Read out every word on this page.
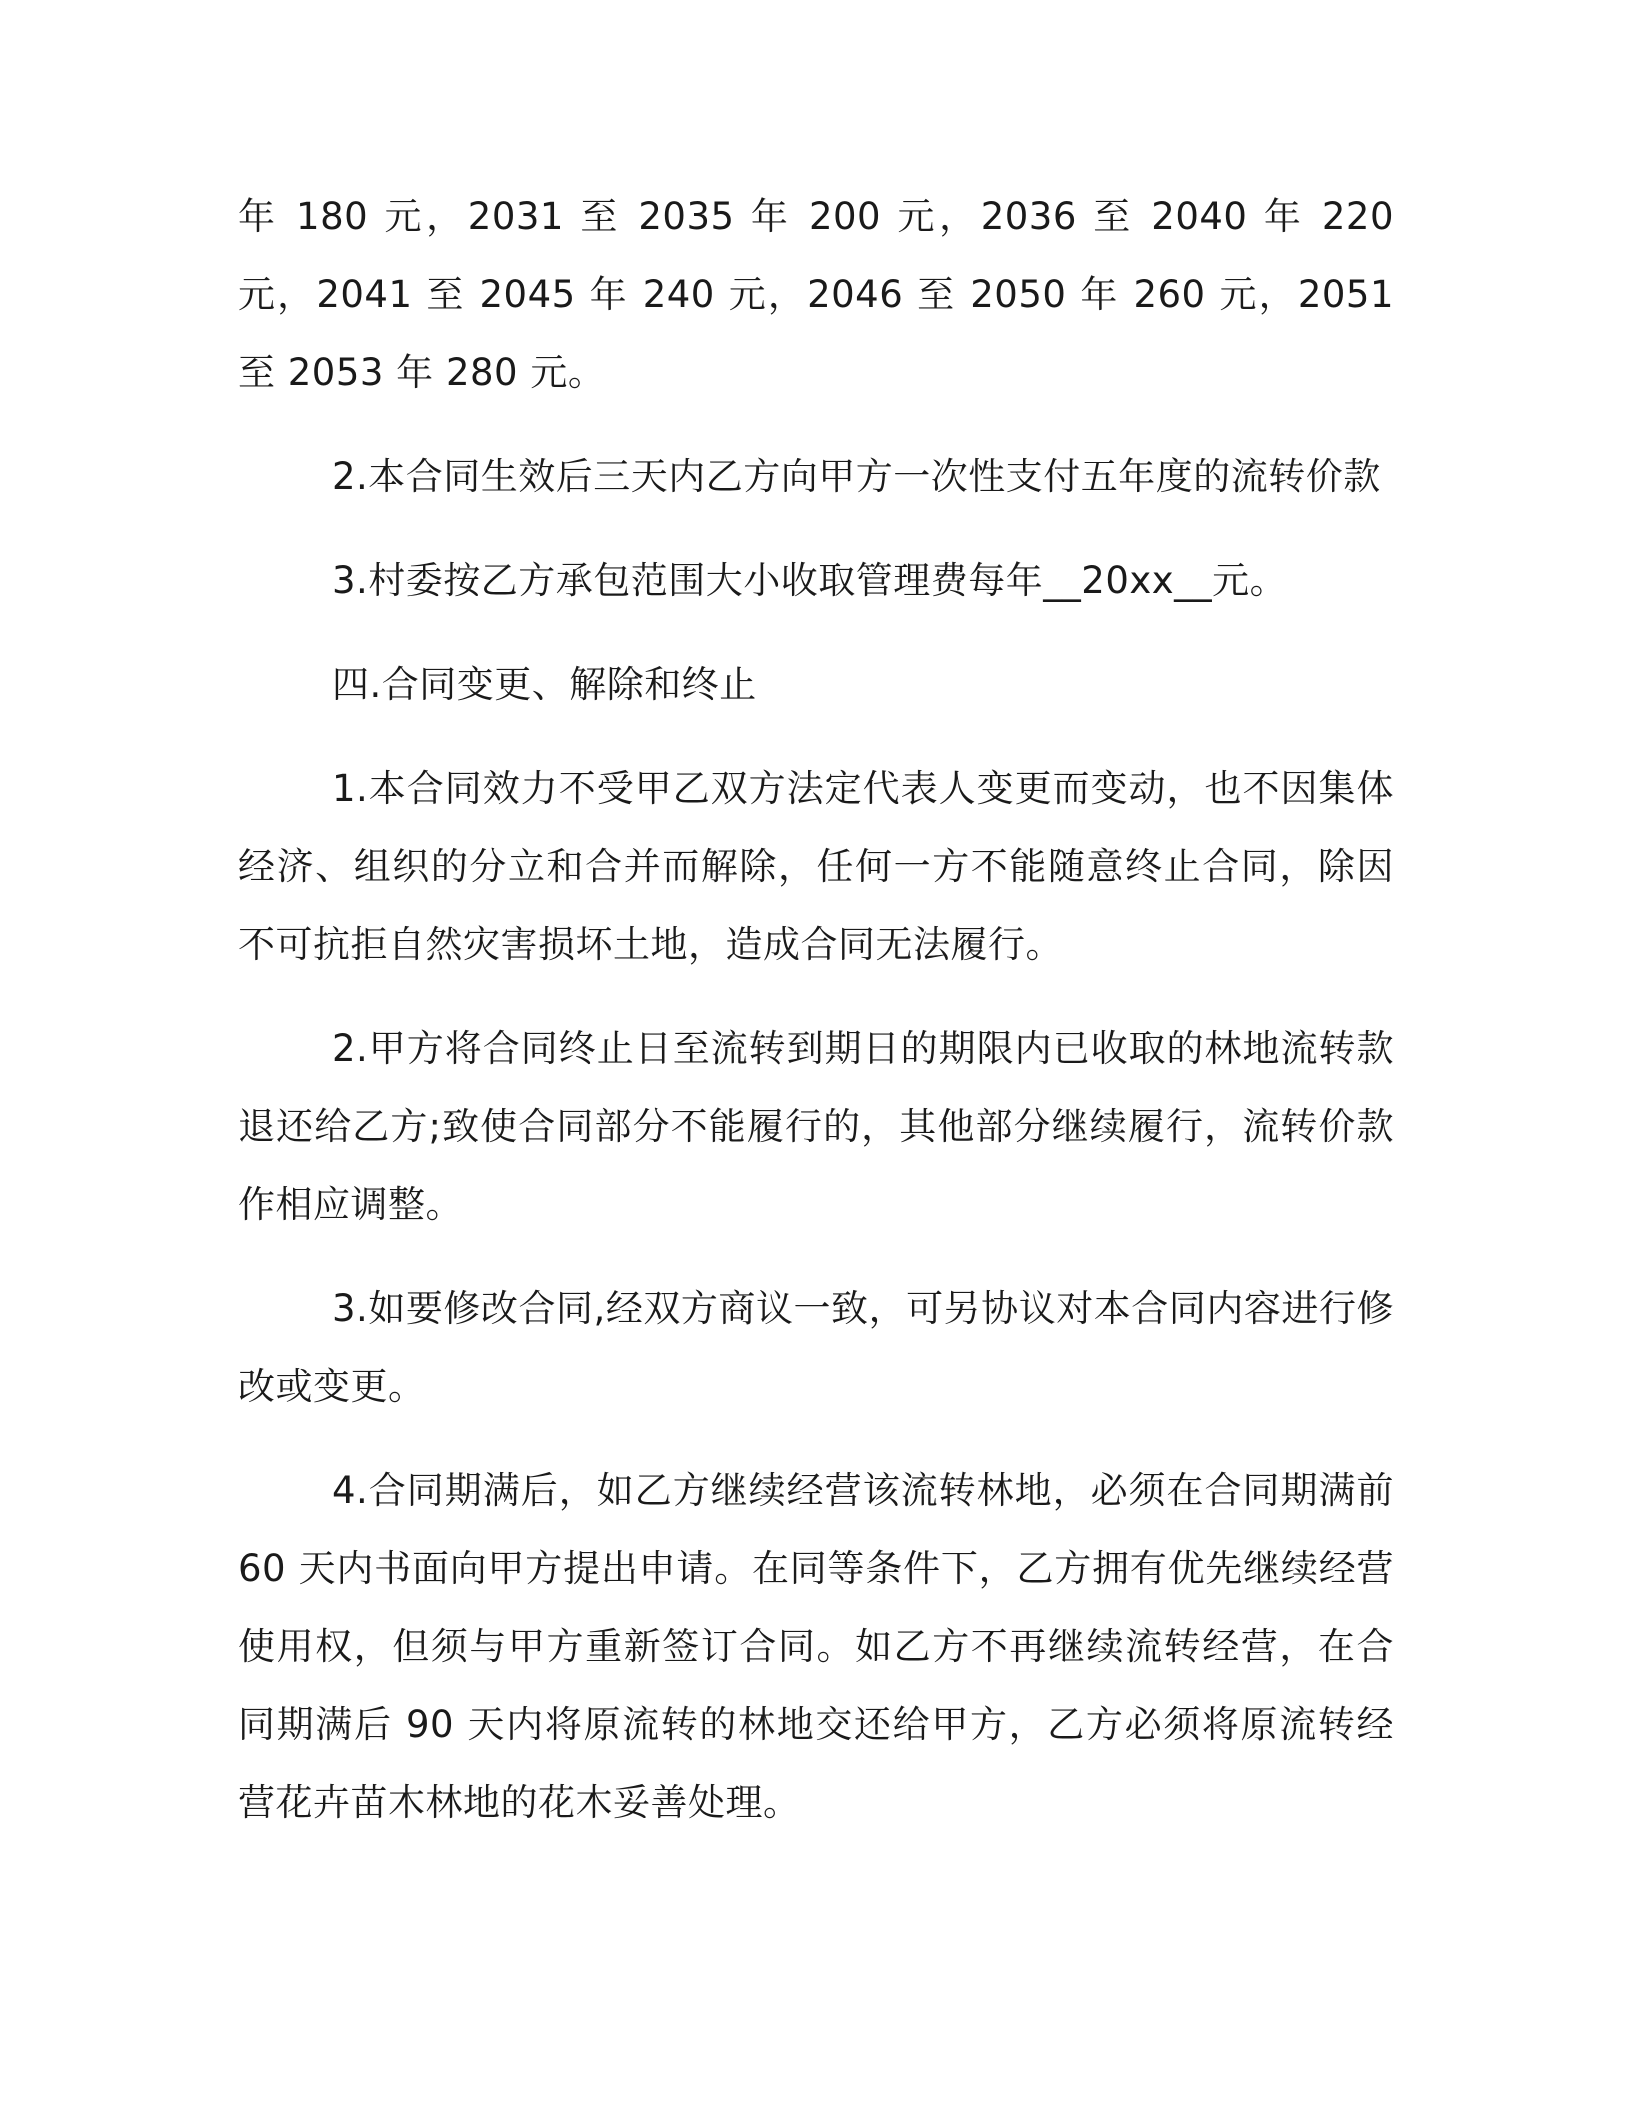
年 180 元，2031 至 2035 年 200 元，2036 至 2040 年 220 元，2041 至 2045 年 240 元，2046 至 2050 年 260 元，2051 至 2053 年 280 元。

2.本合同生效后三天内乙方向甲方一次性支付五年度的流转价款

3.村委按乙方承包范围大小收取管理费每年__20xx__元。

四.合同变更、解除和终止

1.本合同效力不受甲乙双方法定代表人变更而变动，也不因集体经济、组织的分立和合并而解除，任何一方不能随意终止合同，除因不可抗拒自然灾害损坏土地，造成合同无法履行。

2.甲方将合同终止日至流转到期日的期限内已收取的林地流转款退还给乙方;致使合同部分不能履行的，其他部分继续履行，流转价款作相应调整。

3.如要修改合同,经双方商议一致，可另协议对本合同内容进行修改或变更。

4.合同期满后，如乙方继续经营该流转林地，必须在合同期满前 60 天内书面向甲方提出申请。在同等条件下，乙方拥有优先继续经营使用权，但须与甲方重新签订合同。如乙方不再继续流转经营，在合同期满后 90 天内将原流转的林地交还给甲方，乙方必须将原流转经营花卉苗木林地的花木妥善处理。
